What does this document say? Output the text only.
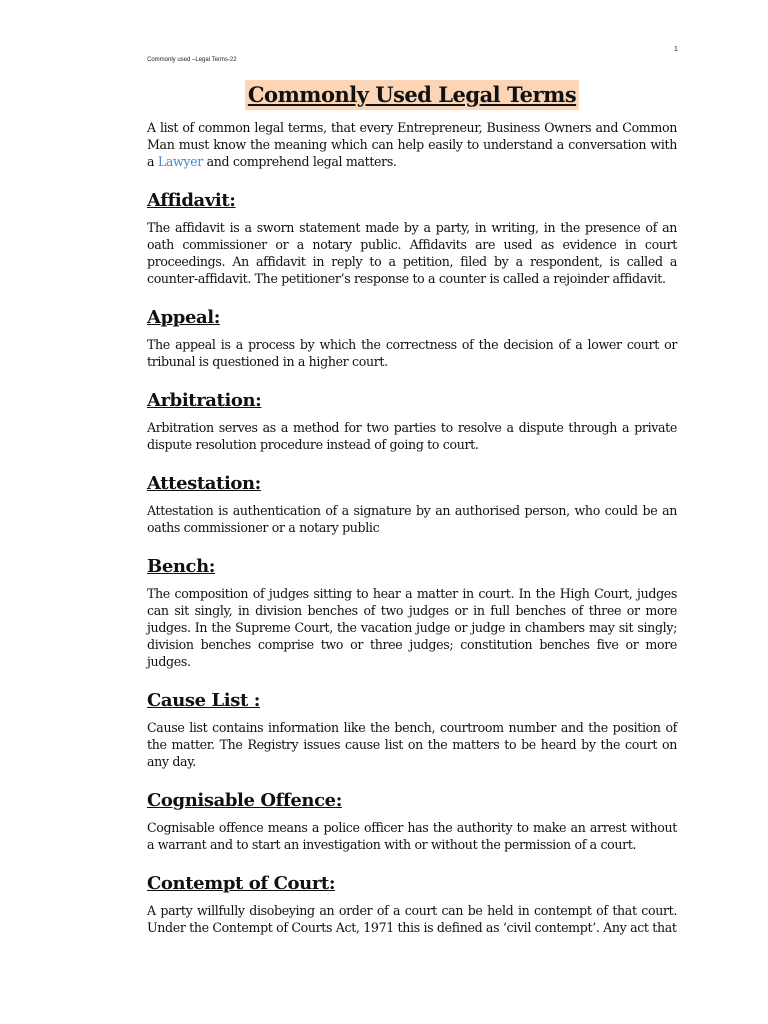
Commonly used –Legal Terms-22
1
Commonly Used Legal Terms

A list of common legal terms, that every Entrepreneur, Business Owners and Common Man must know the meaning which can help easily to understand a conversation with a Lawyer and comprehend legal matters.

Affidavit:

The affidavit is a sworn statement made by a party, in writing, in the presence of an oath commissioner or a notary public. Affidavits are used as evidence in court proceedings. An affidavit in reply to a petition, filed by a respondent, is called a counter-affidavit. The petitioner’s response to a counter is called a rejoinder affidavit.

Appeal:

The appeal is a process by which the correctness of the decision of a lower court or tribunal is questioned in a higher court.

Arbitration:

Arbitration serves as a method for two parties to resolve a dispute through a private dispute resolution procedure instead of going to court.

Attestation:

Attestation is authentication of a signature by an authorised person, who could be an oaths commissioner or a notary public

Bench:

The composition of judges sitting to hear a matter in court. In the High Court, judges can sit singly, in division benches of two judges or in full benches of three or more judges. In the Supreme Court, the vacation judge or judge in chambers may sit singly; division benches comprise two or three judges; constitution benches five or more judges.

Cause List :

Cause list contains information like the bench, courtroom number and the position of the matter. The Registry issues cause list on the matters to be heard by the court on any day.

Cognisable Offence:

Cognisable offence means a police officer has the authority to make an arrest without a warrant and to start an investigation with or without the permission of a court.

Contempt of Court:

A party willfully disobeying an order of a court can be held in contempt of that court. Under the Contempt of Courts Act, 1971 this is defined as ‘civil contempt’. Any act that
